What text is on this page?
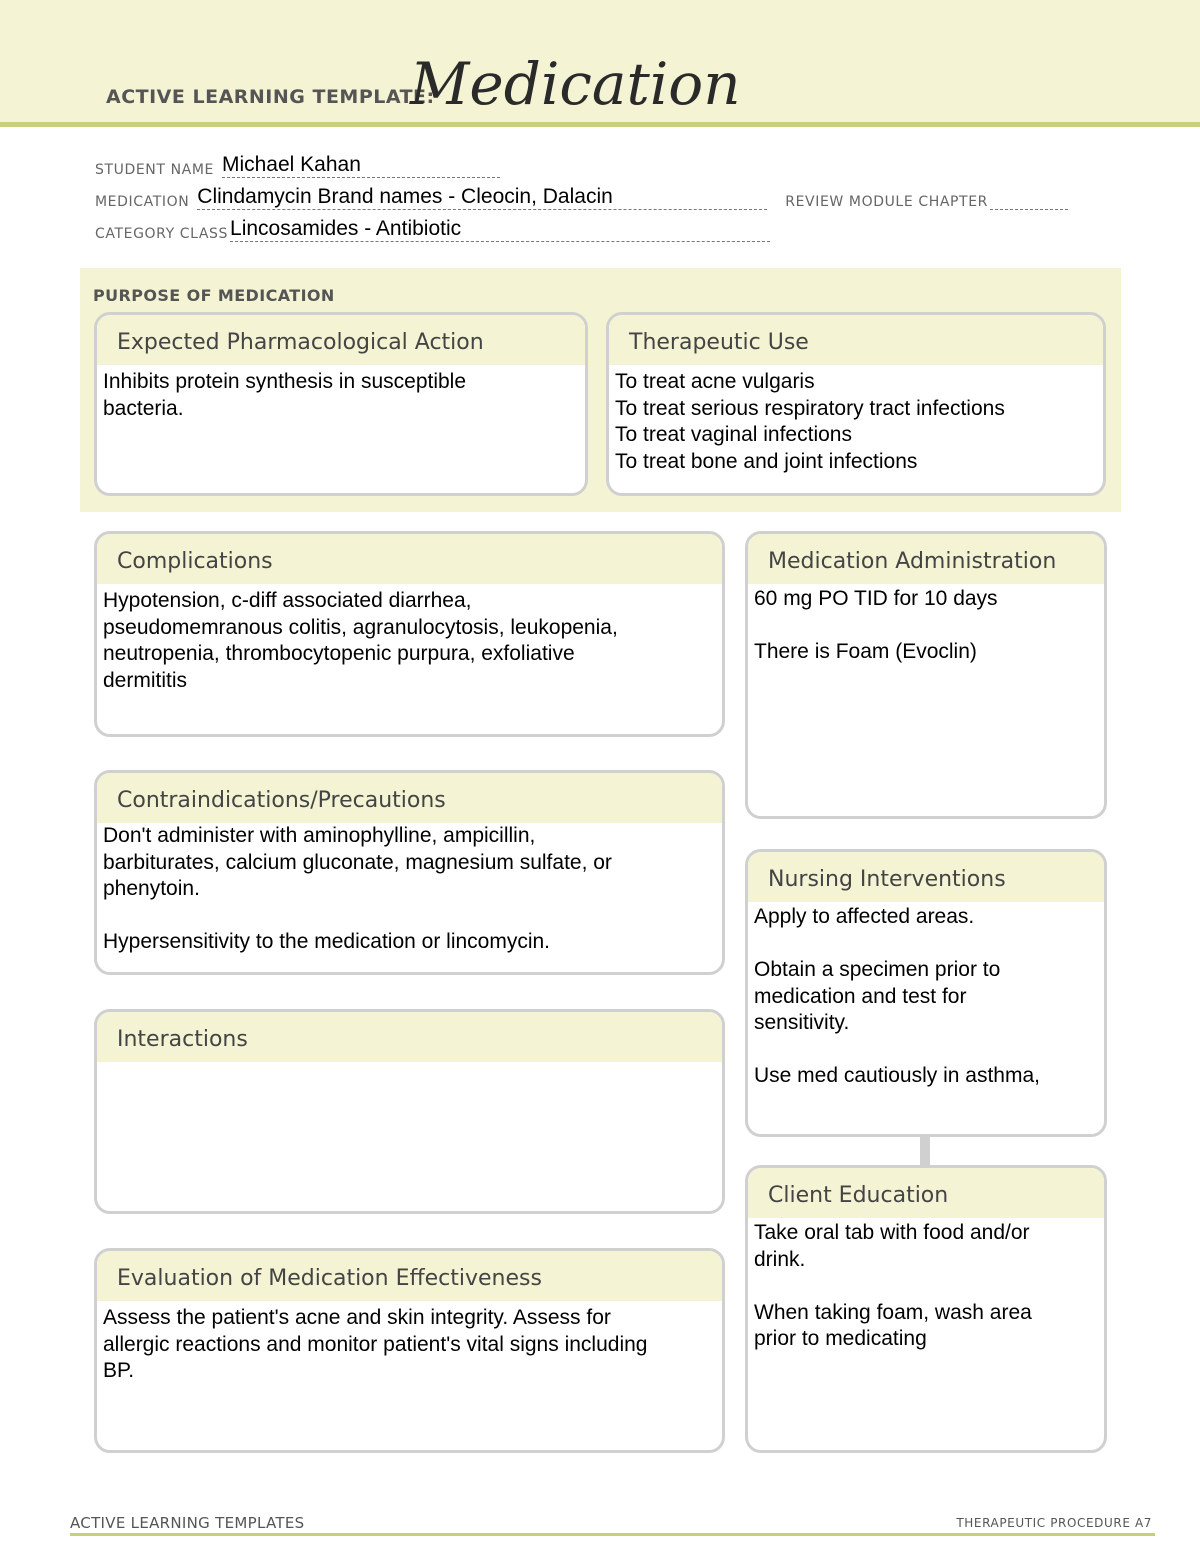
ACTIVE LEARNING TEMPLATE:
Medication
STUDENT NAME Michael Kahan
MEDICATION Clindamycin Brand names - Cleocin, Dalacin	REVIEW MODULE CHAPTER
CATEGORY CLASS Lincosamides - Antibiotic
PURPOSE OF MEDICATION
Expected Pharmacological Action
Inhibits protein synthesis in susceptible
bacteria.
Therapeutic Use
To treat acne vulgaris
To treat serious respiratory tract infections
To treat vaginal infections
To treat bone and joint infections
Complications
Hypotension, c-diff associated diarrhea,
pseudomemranous colitis, agranulocytosis, leukopenia,
neutropenia, thrombocytopenic purpura, exfoliative
dermititis
Contraindications/Precautions
Don't administer with aminophylline, ampicillin,
barbiturates, calcium gluconate, magnesium sulfate, or
phenytoin.

Hypersensitivity to the medication or lincomycin.
Interactions
Evaluation of Medication Effectiveness
Assess the patient's acne and skin integrity. Assess for
allergic reactions and monitor patient's vital signs including
BP.
Medication Administration
60 mg PO TID for 10 days

There is Foam (Evoclin)
Nursing Interventions
Apply to affected areas.

Obtain a specimen prior to
medication and test for
sensitivity.

Use med cautiously in asthma,
Client Education
Take oral tab with food and/or
drink.

When taking foam, wash area
prior to medicating
ACTIVE LEARNING TEMPLATES	THERAPEUTIC PROCEDURE A7
